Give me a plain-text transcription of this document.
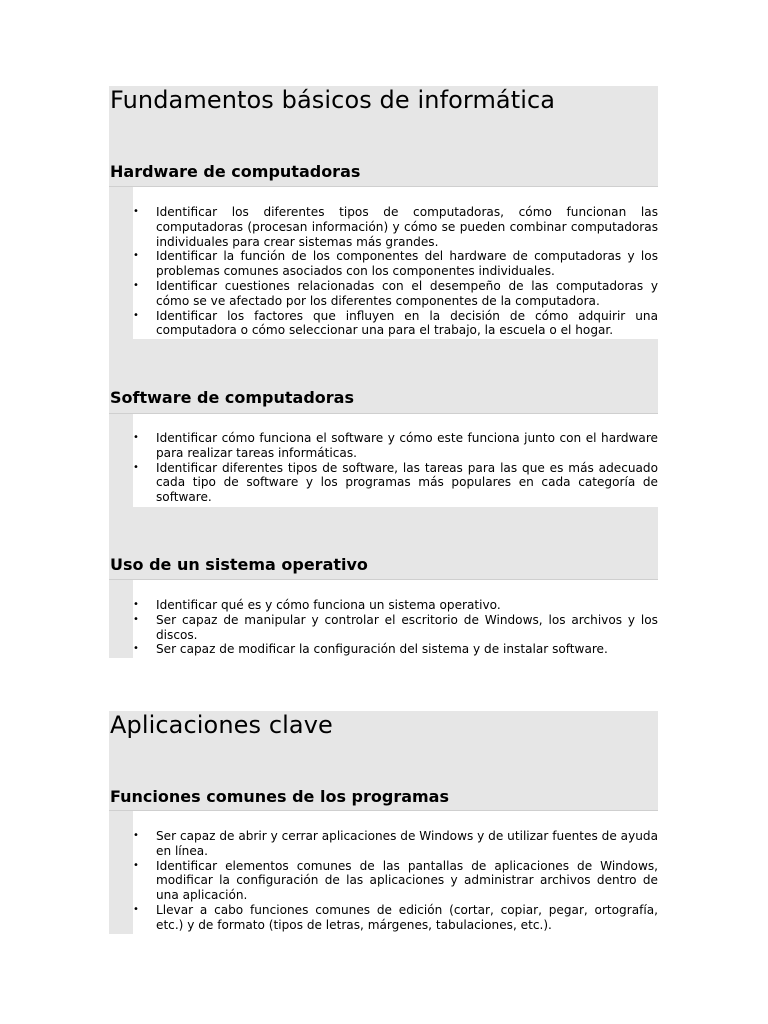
Fundamentos básicos de informática
Hardware de computadoras
• Identificar los diferentes tipos de computadoras, cómo funcionan las computadoras (procesan información) y cómo se pueden combinar computadoras individuales para crear sistemas más grandes.
• Identificar la función de los componentes del hardware de computadoras y los problemas comunes asociados con los componentes individuales.
• Identificar cuestiones relacionadas con el desempeño de las computadoras y cómo se ve afectado por los diferentes componentes de la computadora.
• Identificar los factores que influyen en la decisión de cómo adquirir una computadora o cómo seleccionar una para el trabajo, la escuela o el hogar.
Software de computadoras
• Identificar cómo funciona el software y cómo este funciona junto con el hardware para realizar tareas informáticas.
• Identificar diferentes tipos de software, las tareas para las que es más adecuado cada tipo de software y los programas más populares en cada categoría de software.
Uso de un sistema operativo
• Identificar qué es y cómo funciona un sistema operativo.
• Ser capaz de manipular y controlar el escritorio de Windows, los archivos y los discos.
• Ser capaz de modificar la configuración del sistema y de instalar software.
Aplicaciones clave
Funciones comunes de los programas
• Ser capaz de abrir y cerrar aplicaciones de Windows y de utilizar fuentes de ayuda en línea.
• Identificar elementos comunes de las pantallas de aplicaciones de Windows, modificar la configuración de las aplicaciones y administrar archivos dentro de una aplicación.
• Llevar a cabo funciones comunes de edición (cortar, copiar, pegar, ortografía, etc.) y de formato (tipos de letras, márgenes, tabulaciones, etc.).
